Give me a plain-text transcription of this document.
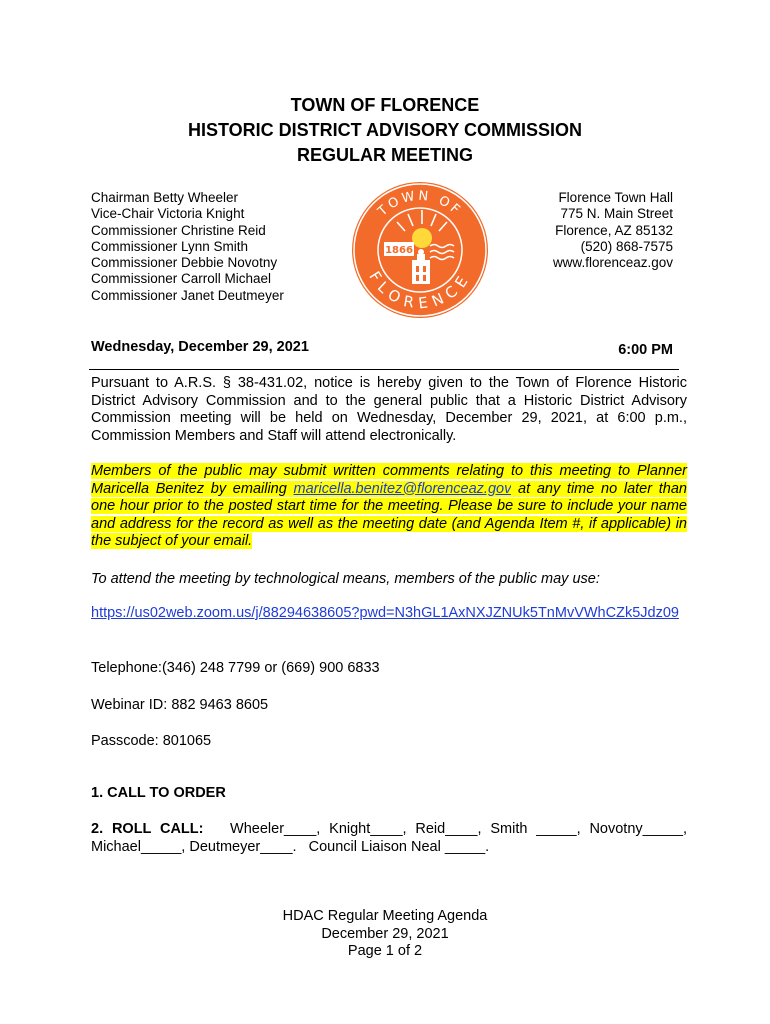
TOWN OF FLORENCE
HISTORIC DISTRICT ADVISORY COMMISSION
REGULAR MEETING
Chairman Betty Wheeler
Vice-Chair Victoria Knight
Commissioner Christine Reid
Commissioner Lynn Smith
Commissioner Debbie Novotny
Commissioner Carroll Michael
Commissioner Janet Deutmeyer
TOWN OF
FLORENCE
1866
Florence Town Hall
775 N. Main Street
Florence, AZ 85132
(520) 868-7575
www.florenceaz.gov
Wednesday, December 29, 2021	6:00 PM
Pursuant to A.R.S. § 38-431.02, notice is hereby given to the Town of Florence Historic District Advisory Commission and to the general public that a Historic District Advisory Commission meeting will be held on Wednesday, December 29, 2021, at 6:00 p.m., Commission Members and Staff will attend electronically.
Members of the public may submit written comments relating to this meeting to Planner Maricella Benitez by emailing maricella.benitez@florenceaz.gov at any time no later than one hour prior to the posted start time for the meeting. Please be sure to include your name and address for the record as well as the meeting date (and Agenda Item #, if applicable) in the subject of your email.
To attend the meeting by technological means, members of the public may use:
https://us02web.zoom.us/j/88294638605?pwd=N3hGL1AxNXJZNUk5TnMvVWhCZk5Jdz09
Telephone:(346) 248 7799 or (669) 900 6833
Webinar ID: 882 9463 8605
Passcode: 801065
1. CALL TO ORDER
2. ROLL CALL:   Wheeler____, Knight____, Reid____, Smith _____, Novotny_____, Michael_____, Deutmeyer____.   Council Liaison Neal _____.
HDAC Regular Meeting Agenda
December 29, 2021
Page 1 of 2
